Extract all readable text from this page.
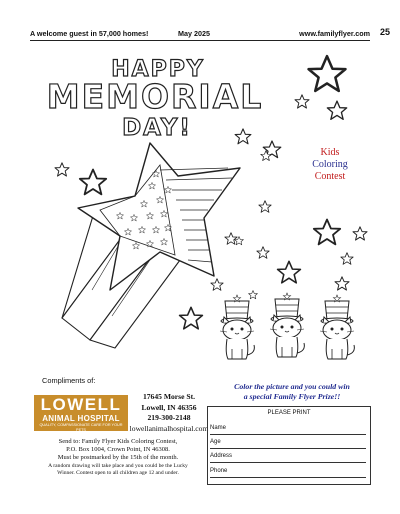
A welcome guest in 57,000 homes!	May 2025	www.familyflyer.com 25
HAPPY
MEMORIAL
DAY!
Kids
Coloring
Contest
Compliments of:
LOWELL
ANIMAL HOSPITAL
QUALITY, COMPASSIONATE CARE FOR YOUR PETS
17645 Morse St.
Lowell, IN 46356
219-300-2148
lowellanimalhospital.com
Send to: Family Flyer Kids Coloring Contest,
P.O. Box 1004, Crown Point, IN 46308.
Must be postmarked by the 15th of the month.
A random drawing will take place and you could be the Lucky
Winner. Contest open to all children age 12 and under.
Color the picture and you could win
a special Family Flyer Prize!!
PLEASE PRINT
Name
Age
Address
Phone
